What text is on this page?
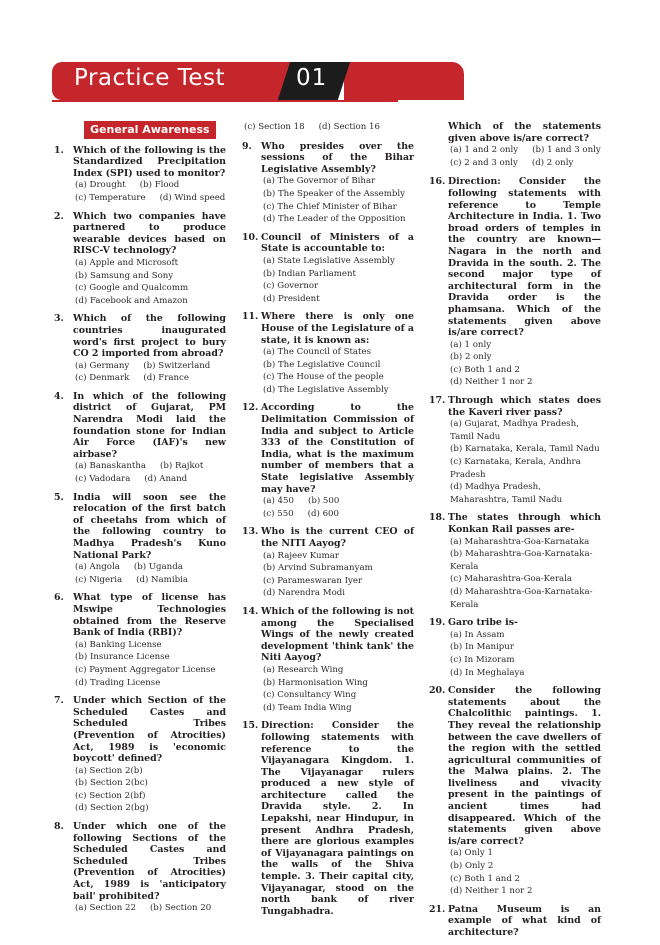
Practice Test	01
General Awareness
1. Which of the following is the Standardized Precipitation Index (SPI) used to monitor?
(a) Drought (b) Flood
(c) Temperature (d) Wind speed
2. Which two companies have partnered to produce wearable devices based on RISC-V technology?
(a) Apple and Microsoft
(b) Samsung and Sony
(c) Google and Qualcomm
(d) Facebook and Amazon
3. Which of the following countries inaugurated word's first project to bury CO 2 imported from abroad?
(a) Germany (b) Switzerland
(c) Denmark (d) France
4. In which of the following district of Gujarat, PM Narendra Modi laid the foundation stone for Indian Air Force (IAF)'s new airbase?
(a) Banaskantha (b) Rajkot
(c) Vadodara (d) Anand
5. India will soon see the relocation of the first batch of cheetahs from which of the following country to Madhya Pradesh's Kuno National Park?
(a) Angola (b) Uganda
(c) Nigeria (d) Namibia
6. What type of license has Mswipe Technologies obtained from the Reserve Bank of India (RBI)?
(a) Banking License
(b) Insurance License
(c) Payment Aggregator License
(d) Trading License
7. Under which Section of the Scheduled Castes and Scheduled Tribes (Prevention of Atrocities) Act, 1989 is 'economic boycott' defined?
(a) Section 2(b)
(b) Section 2(bc)
(c) Section 2(bf)
(d) Section 2(bg)
8. Under which one of the following Sections of the Scheduled Castes and Scheduled Tribes (Prevention of Atrocities) Act, 1989 is 'anticipatory bail' prohibited?
(a) Section 22 (b) Section 20
(c) Section 18 (d) Section 16
9. Who presides over the sessions of the Bihar Legislative Assembly?
(a) The Governor of Bihar
(b) The Speaker of the Assembly
(c) The Chief Minister of Bihar
(d) The Leader of the Opposition
10. Council of Ministers of a State is accountable to:
(a) State Legislative Assembly
(b) Indian Parliament
(c) Governor
(d) President
11. Where there is only one House of the Legislature of a state, it is known as:
(a) The Council of States
(b) The Legislative Council
(c) The House of the people
(d) The Legislative Assembly
12. According to the Delimitation Commission of India and subject to Article 333 of the Constitution of India, what is the maximum number of members that a State legislative Assembly may have?
(a) 450 (b) 500
(c) 550 (d) 600
13. Who is the current CEO of the NITI Aayog?
(a) Rajeev Kumar
(b) Arvind Subramanyam
(c) Parameswaran Iyer
(d) Narendra Modi
14. Which of the following is not among the Specialised Wings of the newly created development 'think tank' the Niti Aayog?
(a) Research Wing
(b) Harmonisation Wing
(c) Consultancy Wing
(d) Team India Wing
15. Direction: Consider the following statements with reference to the Vijayanagara Kingdom. 1. The Vijayanagar rulers produced a new style of architecture called the Dravida style. 2. In Lepakshi, near Hindupur, in present Andhra Pradesh, there are glorious examples of Vijayanagara paintings on the walls of the Shiva temple. 3. Their capital city, Vijayanagar, stood on the north bank of river Tungabhadra.
Which of the statements given above is/are correct?
(a) 1 and 2 only (b) 1 and 3 only
(c) 2 and 3 only (d) 2 only
16. Direction: Consider the following statements with reference to Temple Architecture in India. 1. Two broad orders of temples in the country are known— Nagara in the north and Dravida in the south. 2. The second major type of architectural form in the Dravida order is the phamsana. Which of the statements given above is/are correct?
(a) 1 only
(b) 2 only
(c) Both 1 and 2
(d) Neither 1 nor 2
17. Through which states does the Kaveri river pass?
(a) Gujarat, Madhya Pradesh, Tamil Nadu
(b) Karnataka, Kerala, Tamil Nadu
(c) Karnataka, Kerala, Andhra Pradesh
(d) Madhya Pradesh, Maharashtra, Tamil Nadu
18. The states through which Konkan Rail passes are-
(a) Maharashtra-Goa-Karnataka
(b) Maharashtra-Goa-Karnataka-Kerala
(c) Maharashtra-Goa-Kerala
(d) Maharashtra-Goa-Karnataka-Kerala
19. Garo tribe is-
(a) In Assam
(b) In Manipur
(c) In Mizoram
(d) In Meghalaya
20. Consider the following statements about the Chalcolithic paintings. 1. They reveal the relationship between the cave dwellers of the region with the settled agricultural communities of the Malwa plains. 2. The liveliness and vivacity present in the paintings of ancient times had disappeared. Which of the statements given above is/are correct?
(a) Only 1
(b) Only 2
(c) Both 1 and 2
(d) Neither 1 nor 2
21. Patna Museum is an example of what kind of architecture?
